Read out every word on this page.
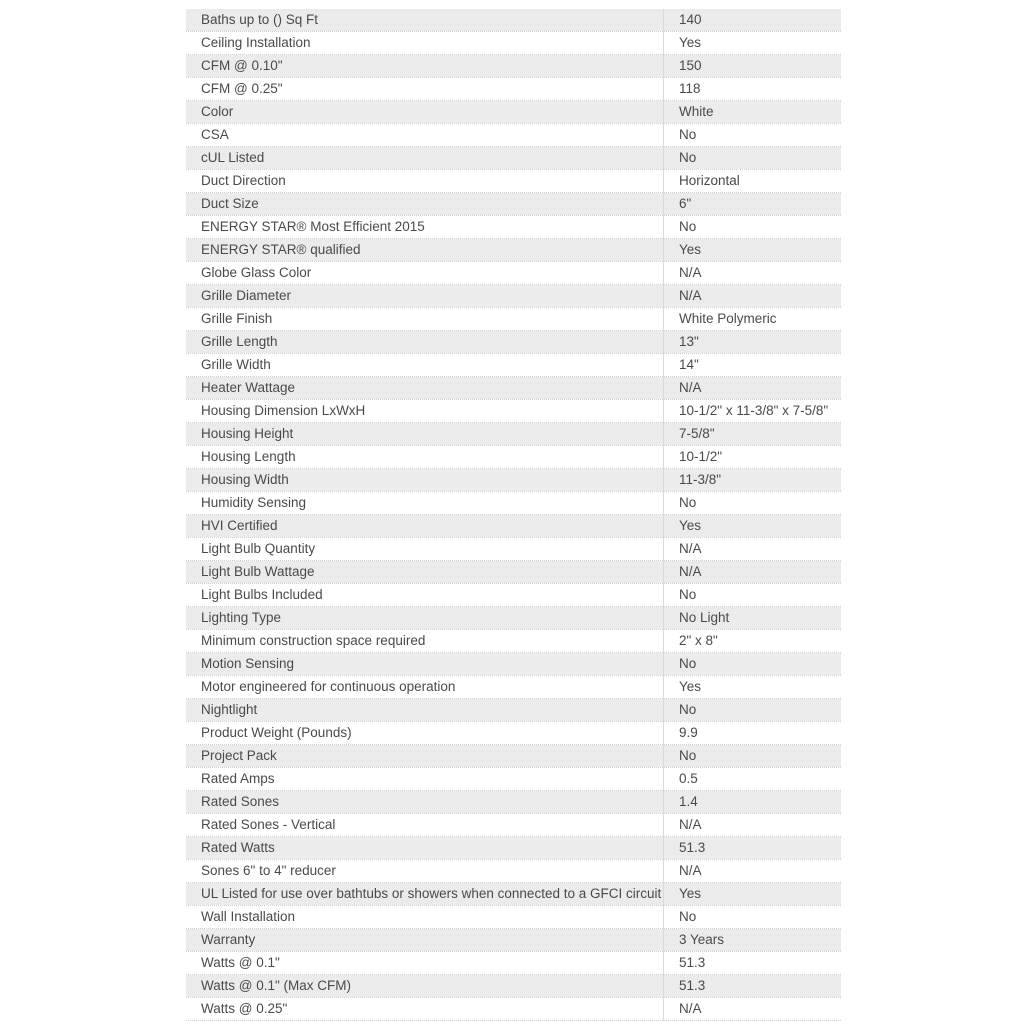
Baths up to () Sq Ft	140
Ceiling Installation	Yes
CFM @ 0.10"	150
CFM @ 0.25"	118
Color	White
CSA	No
cUL Listed	No
Duct Direction	Horizontal
Duct Size	6"
ENERGY STAR® Most Efficient 2015	No
ENERGY STAR® qualified	Yes
Globe Glass Color	N/A
Grille Diameter	N/A
Grille Finish	White Polymeric
Grille Length	13"
Grille Width	14"
Heater Wattage	N/A
Housing Dimension LxWxH	10-1/2" x 11-3/8" x 7-5/8"
Housing Height	7-5/8"
Housing Length	10-1/2"
Housing Width	11-3/8"
Humidity Sensing	No
HVI Certified	Yes
Light Bulb Quantity	N/A
Light Bulb Wattage	N/A
Light Bulbs Included	No
Lighting Type	No Light
Minimum construction space required	2" x 8"
Motion Sensing	No
Motor engineered for continuous operation	Yes
Nightlight	No
Product Weight (Pounds)	9.9
Project Pack	No
Rated Amps	0.5
Rated Sones	1.4
Rated Sones - Vertical	N/A
Rated Watts	51.3
Sones 6" to 4" reducer	N/A
UL Listed for use over bathtubs or showers when connected to a GFCI circuit	Yes
Wall Installation	No
Warranty	3 Years
Watts @ 0.1"	51.3
Watts @ 0.1" (Max CFM)	51.3
Watts @ 0.25"	N/A
